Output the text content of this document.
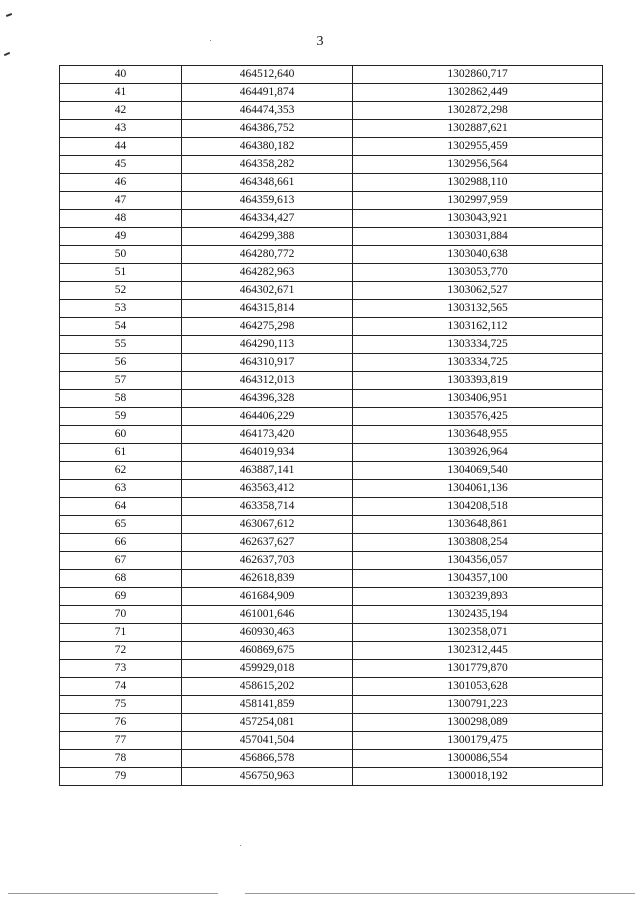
3
40	464512,640	1302860,717
41	464491,874	1302862,449
42	464474,353	1302872,298
43	464386,752	1302887,621
44	464380,182	1302955,459
45	464358,282	1302956,564
46	464348,661	1302988,110
47	464359,613	1302997,959
48	464334,427	1303043,921
49	464299,388	1303031,884
50	464280,772	1303040,638
51	464282,963	1303053,770
52	464302,671	1303062,527
53	464315,814	1303132,565
54	464275,298	1303162,112
55	464290,113	1303334,725
56	464310,917	1303334,725
57	464312,013	1303393,819
58	464396,328	1303406,951
59	464406,229	1303576,425
60	464173,420	1303648,955
61	464019,934	1303926,964
62	463887,141	1304069,540
63	463563,412	1304061,136
64	463358,714	1304208,518
65	463067,612	1303648,861
66	462637,627	1303808,254
67	462637,703	1304356,057
68	462618,839	1304357,100
69	461684,909	1303239,893
70	461001,646	1302435,194
71	460930,463	1302358,071
72	460869,675	1302312,445
73	459929,018	1301779,870
74	458615,202	1301053,628
75	458141,859	1300791,223
76	457254,081	1300298,089
77	457041,504	1300179,475
78	456866,578	1300086,554
79	456750,963	1300018,192
